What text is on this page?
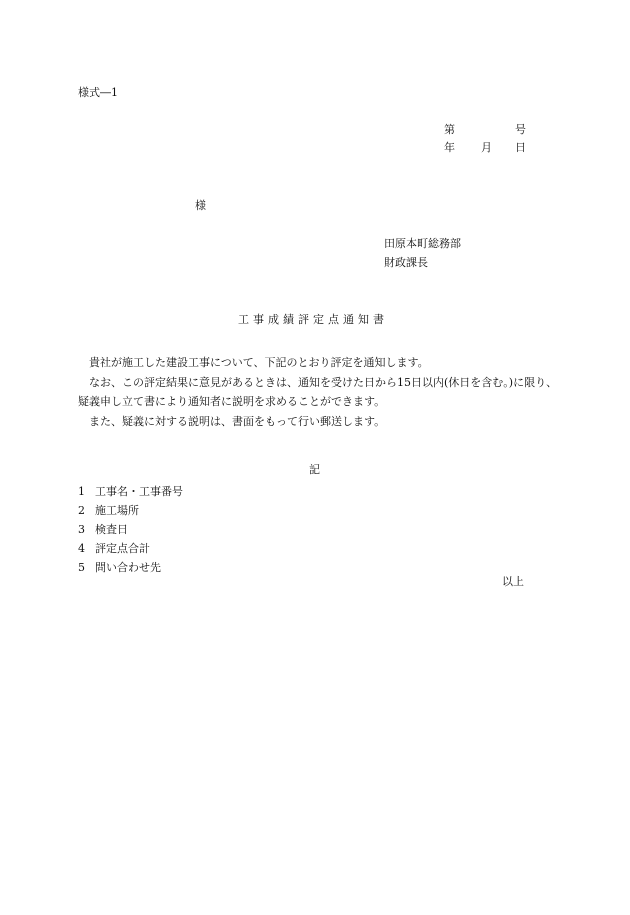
様式―1
第	号
年 月 日
様
田原本町総務部
財政課長
工事成績評定点通知書

貴社が施工した建設工事について、下記のとおり評定を通知します。

なお、この評定結果に意見があるときは、通知を受けた日から15日以内(休日を含む。)に限り、疑義申し立て書により通知者に説明を求めることができます。

また、疑義に対する説明は、書面をもって行い郵送します。

記
1 工事名・工事番号
2 施工場所
3 検査日
4 評定点合計
5 問い合わせ先
以上
